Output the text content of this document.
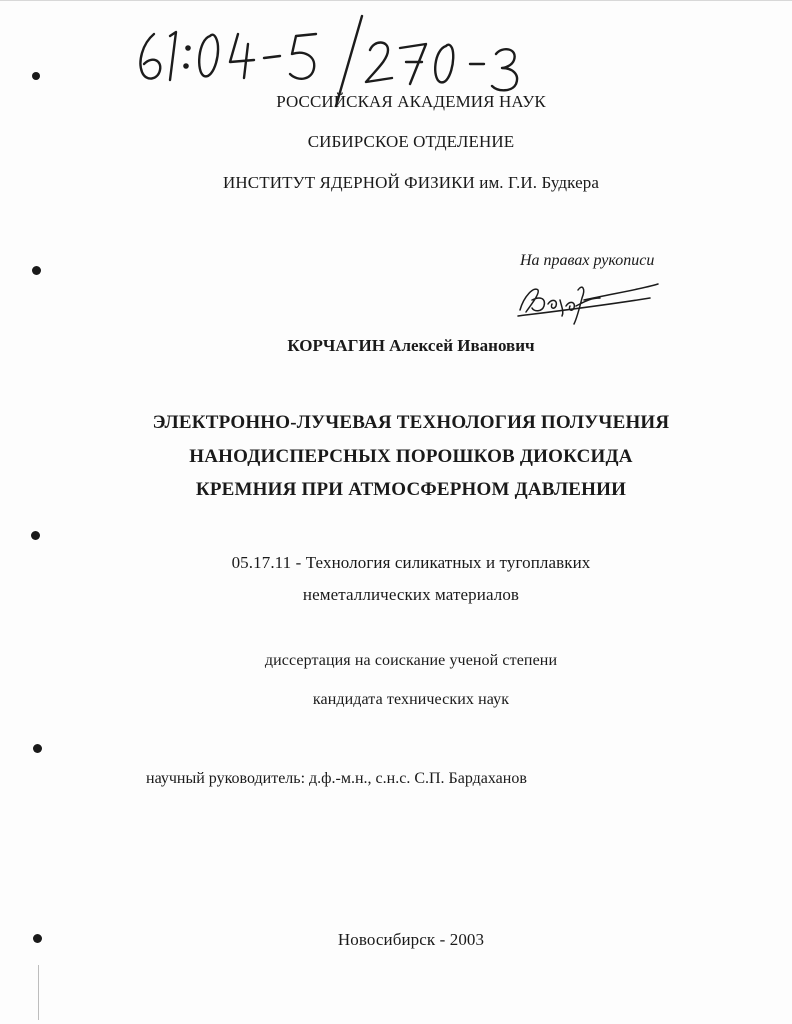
РОССИЙСКАЯ АКАДЕМИЯ НАУК
СИБИРСКОЕ ОТДЕЛЕНИЕ
ИНСТИТУТ ЯДЕРНОЙ ФИЗИКИ им. Г.И. Будкера
На правах рукописи
КОРЧАГИН Алексей Иванович
ЭЛЕКТРОННО-ЛУЧЕВАЯ ТЕХНОЛОГИЯ ПОЛУЧЕНИЯ
НАНОДИСПЕРСНЫХ ПОРОШКОВ ДИОКСИДА
КРЕМНИЯ ПРИ АТМОСФЕРНОМ ДАВЛЕНИИ
05.17.11 - Технология силикатных и тугоплавких
неметаллических материалов
диссертация на соискание ученой степени
кандидата технических наук
научный руководитель: д.ф.-м.н., с.н.с. С.П. Бардаханов
Новосибирск - 2003
